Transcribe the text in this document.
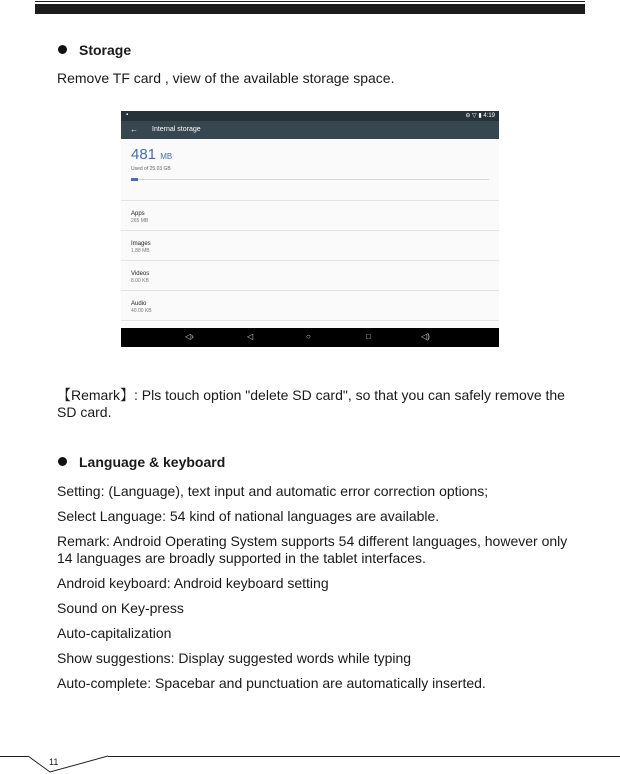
Storage
Remove TF card , view of the available storage space.
▪	⊖ ▽ ▮ 4:19
← Internal storage
481 MB
Used of 25.03 GB
Apps
265 MB
Images
1.88 MB
Videos
8.00 KB
Audio
40.00 KB
◁›	◁	○	□	◁)
【Remark】: Pls touch option "delete SD card", so that you can safely remove the SD card.
Language & keyboard
Setting: (Language), text input and automatic error correction options;
Select Language: 54 kind of national languages are available.
Remark: Android Operating System supports 54 different languages, however only 14 languages are broadly supported in the tablet interfaces.
Android keyboard: Android keyboard setting
Sound on Key-press
Auto-capitalization
Show suggestions: Display suggested words while typing
Auto-complete: Spacebar and punctuation are automatically inserted.
11
